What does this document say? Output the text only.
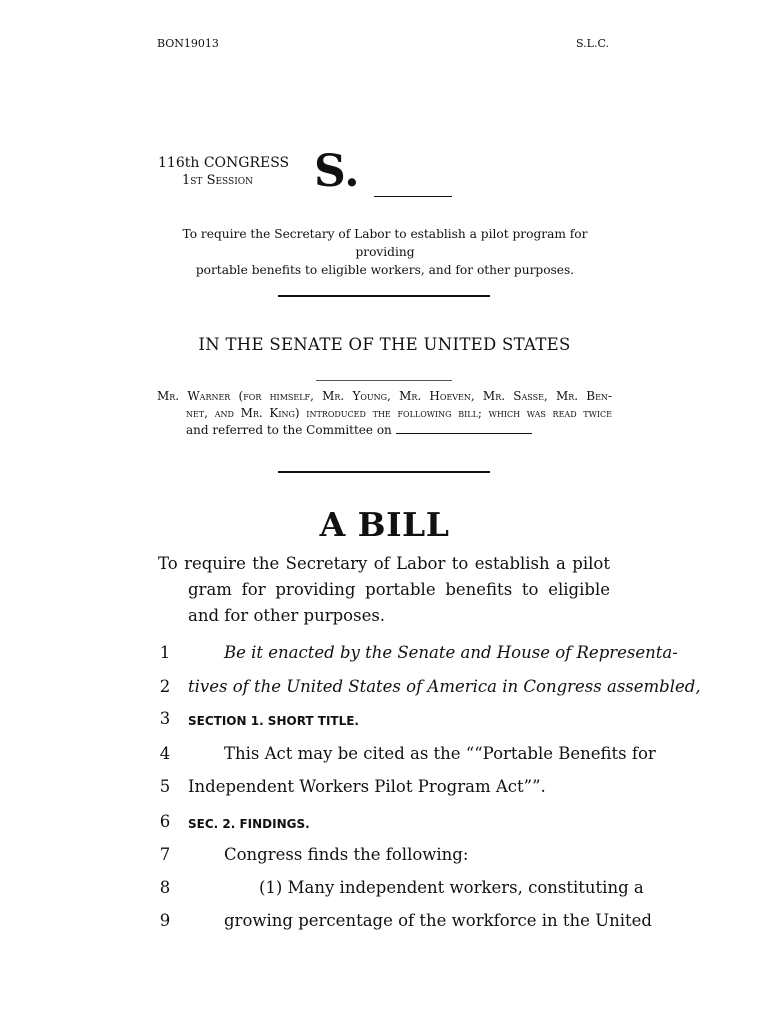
BON19013	S.L.C.
116th CONGRESS
1st Session S.
To require the Secretary of Labor to establish a pilot program for providing
portable benefits to eligible workers, and for other purposes.
IN THE SENATE OF THE UNITED STATES
Mr. Warner (for himself, Mr. Young, Mr. Hoeven, Mr. Sasse, Mr. Ben-
net, and Mr. King) introduced the following bill; which was read twice
and referred to the Committee on
A BILL
To require the Secretary of Labor to establish a pilot
gram for providing portable benefits to eligible
and for other purposes.
1	Be it enacted by the Senate and House of Representa-
2	tives of the United States of America in Congress assembled,
3	SECTION 1. SHORT TITLE.
4	This Act may be cited as the ““Portable Benefits for
5	Independent Workers Pilot Program Act””.
6	SEC. 2. FINDINGS.
7	Congress finds the following:
8	(1) Many independent workers, constituting a
9	growing percentage of the workforce in the United
